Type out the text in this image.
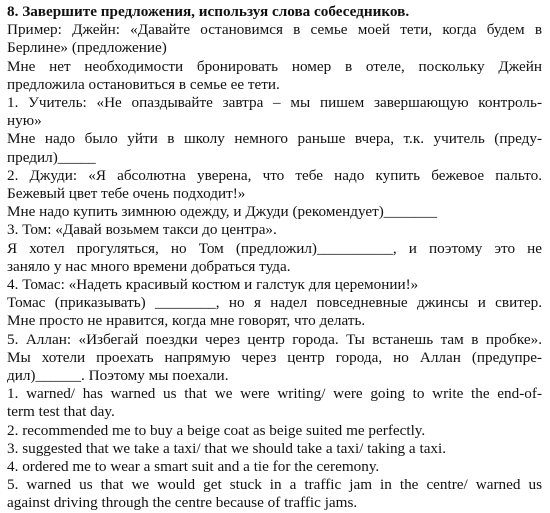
8. Завершите предложения, используя слова собеседников.
Пример: Джейн: «Давайте остановимся в семье моей тети, когда будем в
Берлине» (предложение)
Мне нет необходимости бронировать номер в отеле, поскольку Джейн
предложила остановиться в семье ее тети.
1. Учитель: «Не опаздывайте завтра – мы пишем завершающую контроль-
ную»
Мне надо было уйти в школу немного раньше вчера, т.к. учитель (преду-
предил)_____
2. Джуди: «Я абсолютна уверена, что тебе надо купить бежевое пальто.
Бежевый цвет тебе очень подходит!»
Мне надо купить зимнюю одежду, и Джуди (рекомендует)_______
3. Том: «Давай возьмем такси до центра».
Я хотел прогуляться, но Том (предложил)__________, и поэтому это не
заняло у нас много времени добраться туда.
4. Томас: «Надеть красивый костюм и галстук для церемонии!»
Томас (приказывать) ________, но я надел повседневные джинсы и свитер.
Мне просто не нравится, когда мне говорят, что делать.
5. Аллан: «Избегай поездки через центр города. Ты встанешь там в пробке».
Мы хотели проехать напрямую через центр города, но Аллан (предупре-
дил)______. Поэтому мы поехали.
1. warned/ has warned us that we were writing/ were going to write the end-of-
term test that day.
2. recommended me to buy a beige coat as beige suited me perfectly.
3. suggested that we take a taxi/ that we should take a taxi/ taking a taxi.
4. ordered me to wear a smart suit and a tie for the ceremony.
5. warned us that we would get stuck in a traffic jam in the centre/ warned us
against driving through the centre because of traffic jams.
